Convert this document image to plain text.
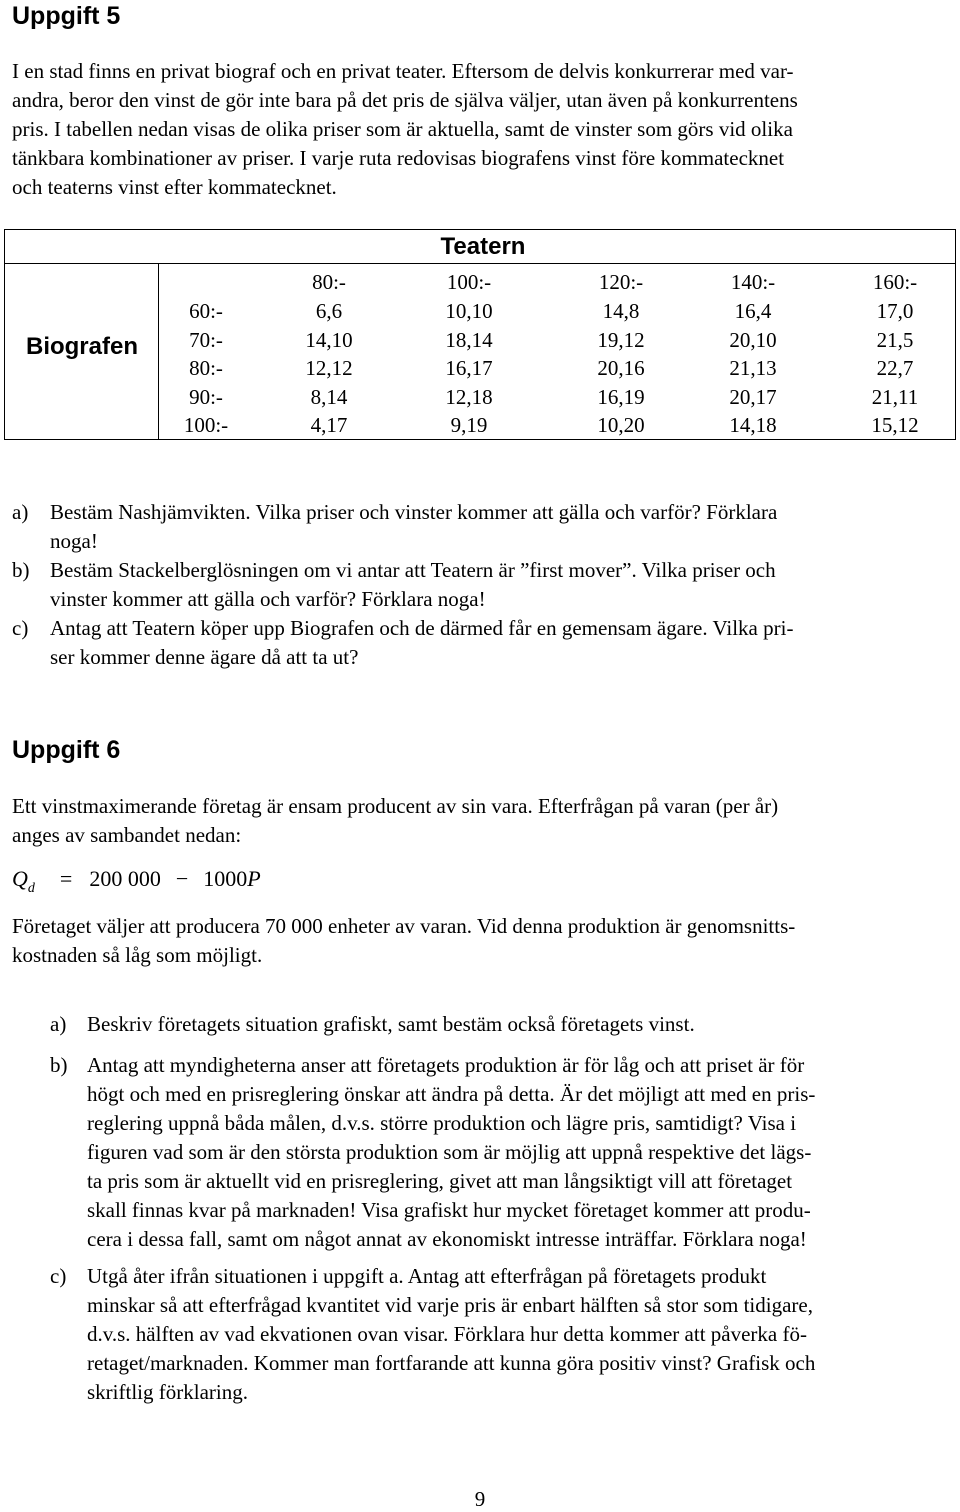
Uppgift 5
I en stad finns en privat biograf och en privat teater. Eftersom de delvis konkurrerar med var-
andra, beror den vinst de gör inte bara på det pris de själva väljer, utan även på konkurrentens
pris. I tabellen nedan visas de olika priser som är aktuella, samt de vinster som görs vid olika
tänkbara kombinationer av priser. I varje ruta redovisas biografens vinst före kommatecknet
och teaterns vinst efter kommatecknet.
Teatern
Biografen
80:-	100:-	120:-	140:-	160:-
60:-	6,6	10,10	14,8	16,4	17,0
70:-	14,10	18,14	19,12	20,10	21,5
80:-	12,12	16,17	20,16	21,13	22,7
90:-	8,14	12,18	16,19	20,17	21,11
100:-	4,17	9,19	10,20	14,18	15,12
a) Bestäm Nashjämvikten. Vilka priser och vinster kommer att gälla och varför? Förklara
noga!
b) Bestäm Stackelberglösningen om vi antar att Teatern är ”first mover”. Vilka priser och
vinster kommer att gälla och varför? Förklara noga!
c) Antag att Teatern köper upp Biografen och de därmed får en gemensam ägare. Vilka pri-
ser kommer denne ägare då att ta ut?
Uppgift 6
Ett vinstmaximerande företag är ensam producent av sin vara. Efterfrågan på varan (per år)
anges av sambandet nedan:
$Q_d = 200$ 000 − 1000P
Företaget väljer att producera 70 000 enheter av varan. Vid denna produktion är genomsnitts-
kostnaden så låg som möjligt.
a) Beskriv företagets situation grafiskt, samt bestäm också företagets vinst.
b) Antag att myndigheterna anser att företagets produktion är för låg och att priset är för
högt och med en prisreglering önskar att ändra på detta. Är det möjligt att med en pris-
reglering uppnå båda målen, d.v.s. större produktion och lägre pris, samtidigt? Visa i
figuren vad som är den största produktion som är möjlig att uppnå respektive det lägs-
ta pris som är aktuellt vid en prisreglering, givet att man långsiktigt vill att företaget
skall finnas kvar på marknaden! Visa grafiskt hur mycket företaget kommer att produ-
cera i dessa fall, samt om något annat av ekonomiskt intresse inträffar. Förklara noga!
c) Utgå åter ifrån situationen i uppgift a. Antag att efterfrågan på företagets produkt
minskar så att efterfrågad kvantitet vid varje pris är enbart hälften så stor som tidigare,
d.v.s. hälften av vad ekvationen ovan visar. Förklara hur detta kommer att påverka fö-
retaget/marknaden. Kommer man fortfarande att kunna göra positiv vinst? Grafisk och
skriftlig förklaring.
9
